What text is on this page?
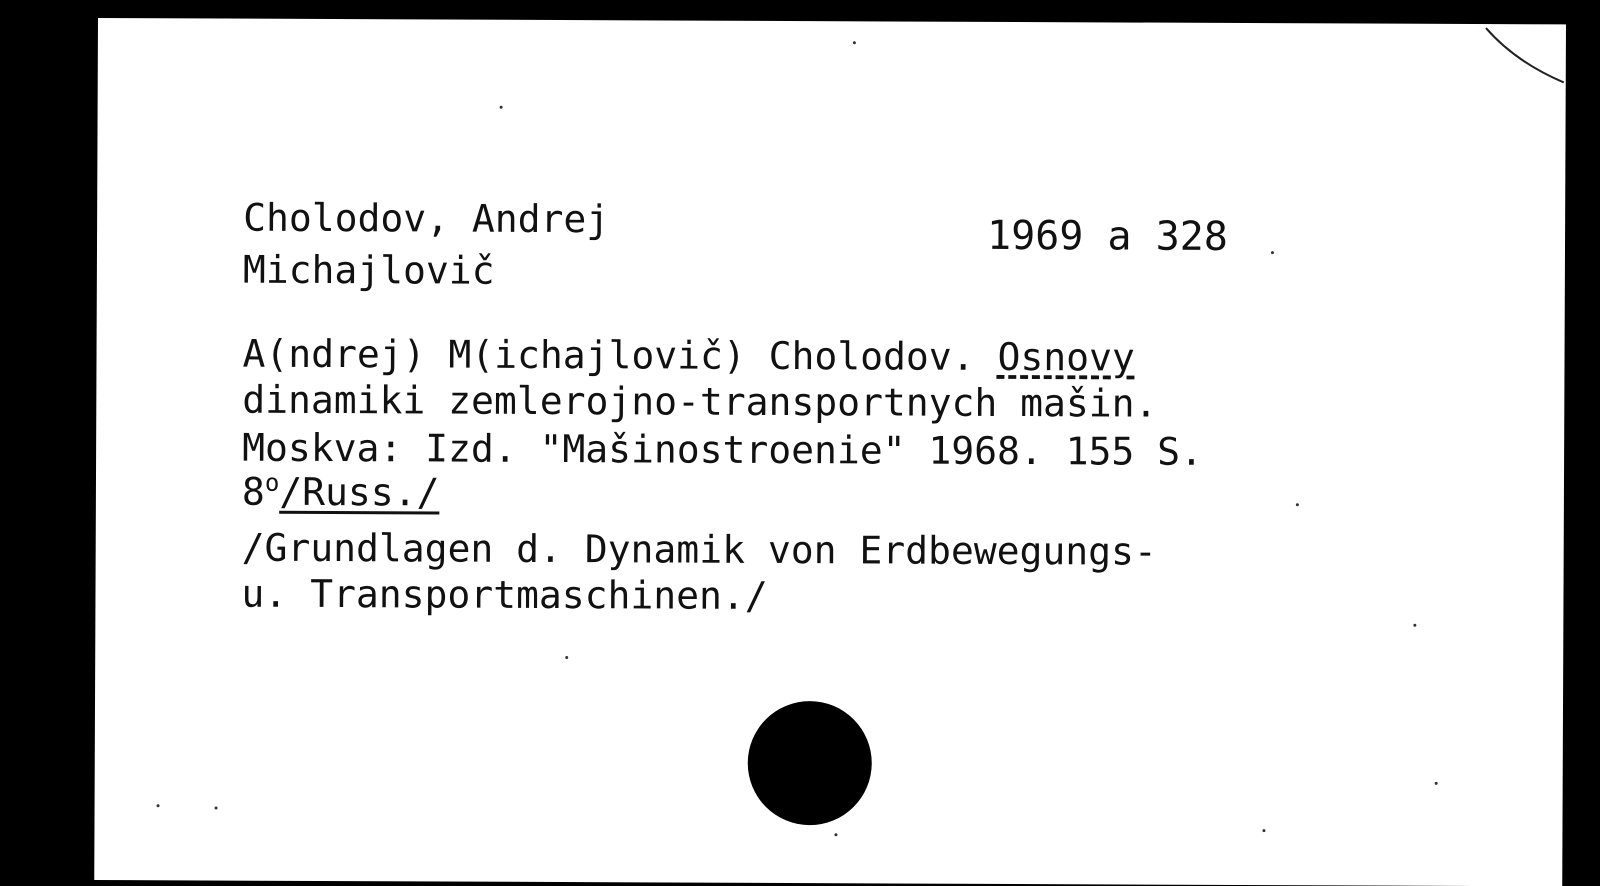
Cholodov, Andrej
Michajlovič
1969 a 328
A(ndrej) M(ichajlovič) Cholodov. Osnovy
dinamiki zemlerojno-transportnych mašin.
Moskva: Izd. "Mašinostroenie" 1968. 155 S.
8$^o$/Russ./
/Grundlagen d. Dynamik von Erdbewegungs-
u. Transportmaschinen./
